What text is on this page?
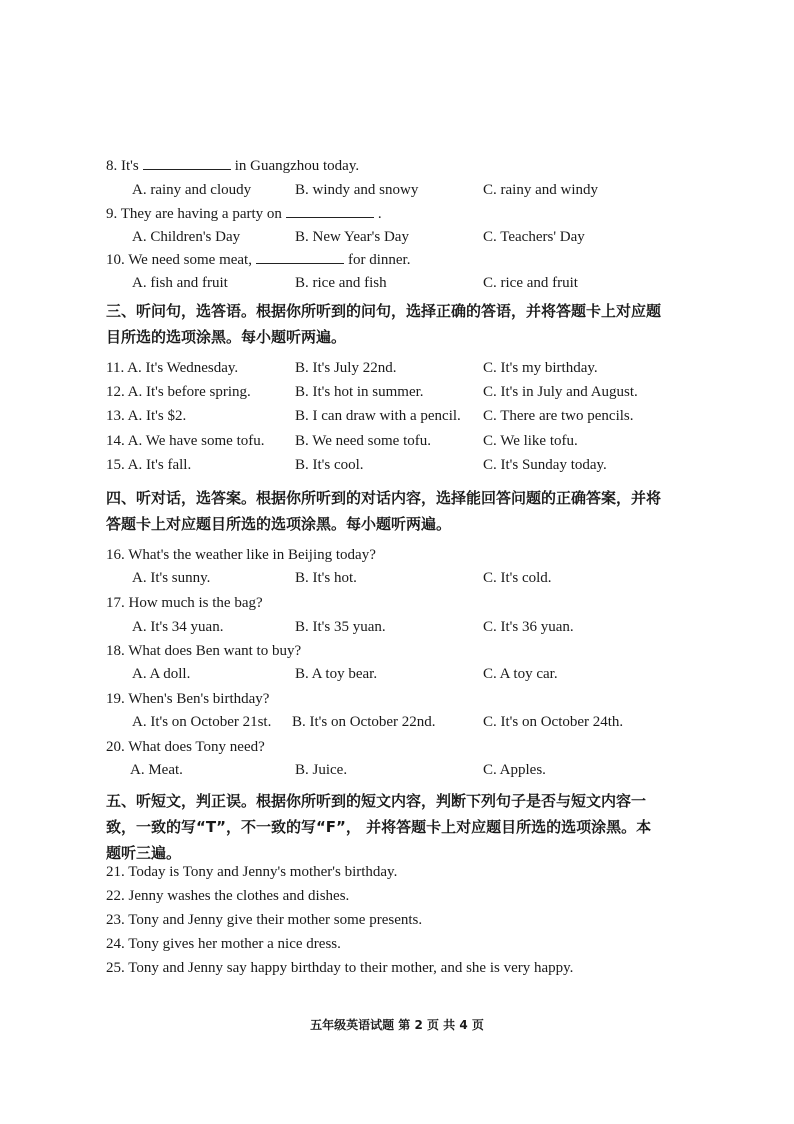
8. It's	in Guangzhou today.
A. rainy and cloudy	B. windy and snowy	C. rainy and windy
9. They are having a party on	.
A. Children's Day	B. New Year's Day	C. Teachers' Day
10. We need some meat,	for dinner.
A. fish and fruit	B. rice and fish	C. rice and fruit
三、听问句，选答语。根据你所听到的问句，选择正确的答语，并将答题卡上对应题目所选的选项涂黑。每小题听两遍。
11. A. It's Wednesday.	B. It's July 22nd.	C. It's my birthday.
12. A. It's before spring.	B. It's hot in summer.	C. It's in July and August.
13. A. It's $2.	B. I can draw with a pencil. C. There are two pencils.
14. A. We have some tofu. B. We need some tofu.	C. We like tofu.
15. A. It's fall.	B. It's cool.	C. It's Sunday today.
四、听对话，选答案。根据你所听到的对话内容，选择能回答问题的正确答案，并将答题卡上对应题目所选的选项涂黑。每小题听两遍。
16. What's the weather like in Beijing today?
A. It's sunny.	B. It's hot.	C. It's cold.
17. How much is the bag?
A. It's 34 yuan.	B. It's 35 yuan.	C. It's 36 yuan.
18. What does Ben want to buy?
A. A doll.	B. A toy bear.	C. A toy car.
19. When's Ben's birthday?
A. It's on October 21st. B. It's on October 22nd.	C. It's on October 24th.
20. What does Tony need?
A. Meat.	B. Juice.	C. Apples.
五、听短文，判正误。根据你所听到的短文内容，判断下列句子是否与短文内容一致，一致的写“T”，不一致的写“F”， 并将答题卡上对应题目所选的选项涂黑。本题听三遍。
21. Today is Tony and Jenny's mother's birthday.
22. Jenny washes the clothes and dishes.
23. Tony and Jenny give their mother some presents.
24. Tony gives her mother a nice dress.
25. Tony and Jenny say happy birthday to their mother, and she is very happy.
五年级英语试题 第 2 页 共 4 页
